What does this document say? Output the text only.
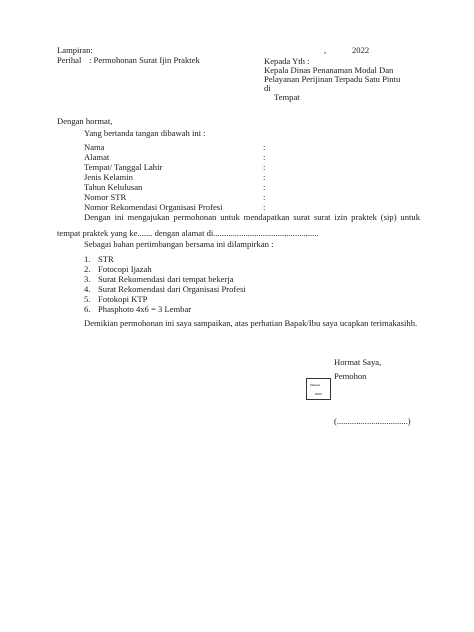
Lampiran:	,	2022
Perihal : Permohonan Surat Ijin Praktek	Kepada Yth :
Kepala Dinas Penanaman Modal Dan
Pelayanan Perijinan Terpadu Satu Pintu
di
Tempat
Dengan hormat,
Yang bertanda tangan dibawah ini :
Nama	:
Alamat	:
Tempat/ Tanggal Lahir	:
Jenis Kelamin	:
Tahun Kelulusan	:
Nomor STR	:
Nomor Rekomendasi Organisasi Profesi	:
Dengan ini mengajukan permohonan untuk mendapatkan surat surat izin praktek (sip) untuk tempat praktek yang ke....... dengan alamat di.................................................
Sebagai bahan pertimbangan bersama ini dilampirkan :
1. STR
2. Fotocopi Ijazah
3. Surat Rekomendasi dari tempat bekerja
4. Surat Rekomendasi dari Organisasi Profesi
5. Fotokopi KTP
6. Phasphoto 4x6 = 3 Lembar
Demikian permohonan ini saya sampaikan, atas perhatian Bapak/Ibu saya ucapkan terimakasihh.
Hormat Saya,
Pemohon
Materai
6000
(.................................)
